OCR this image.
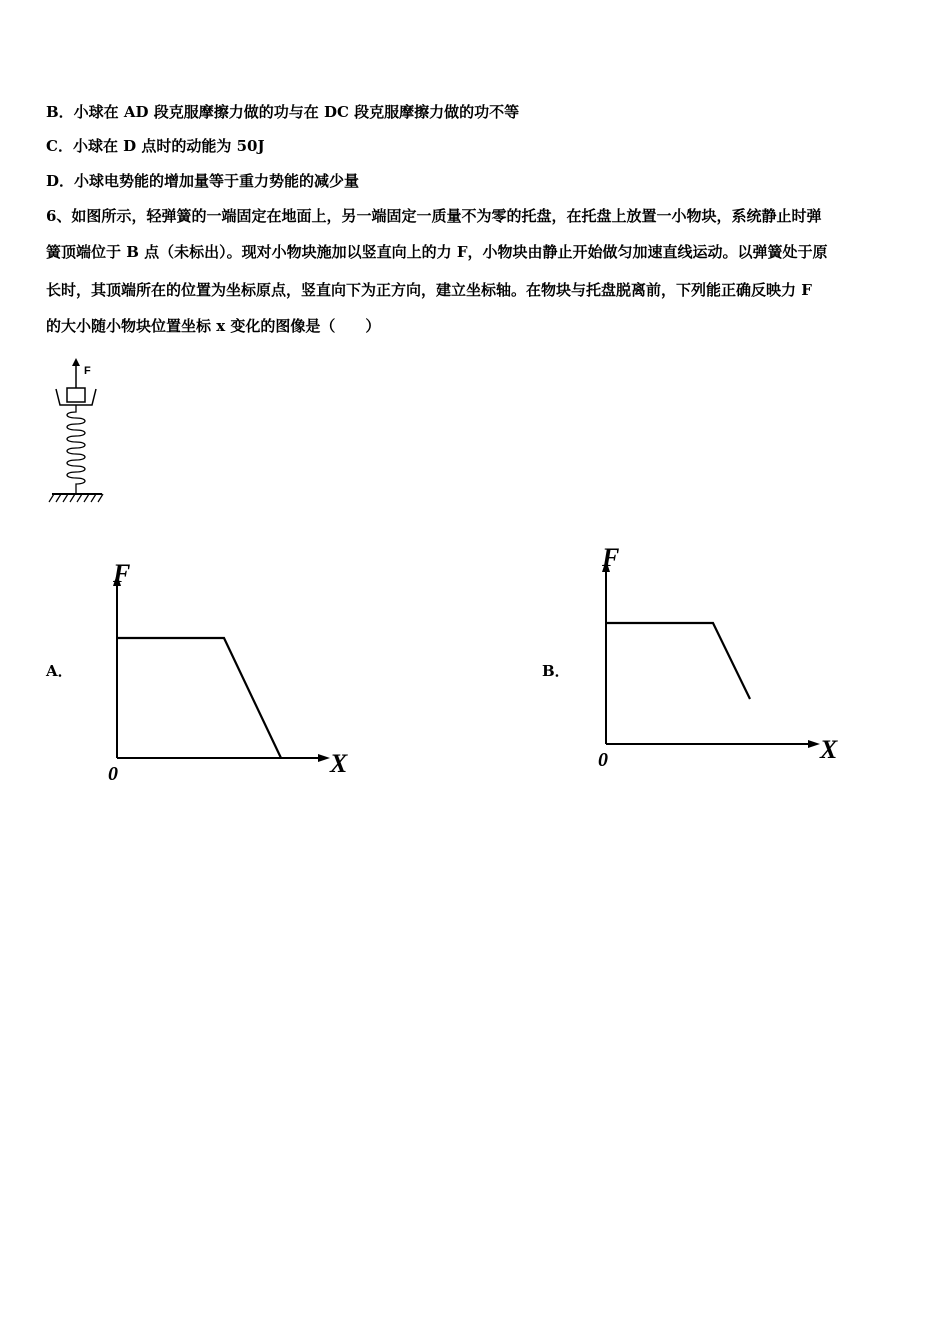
B．小球在 AD 段克服摩擦力做的功与在 DC 段克服摩擦力做的功不等
C．小球在 D 点时的动能为 50J
D．小球电势能的增加量等于重力势能的减少量
6、如图所示，轻弹簧的一端固定在地面上，另一端固定一质量不为零的托盘，在托盘上放置一小物块，系统静止时弹
簧顶端位于 B 点（未标出）。现对小物块施加以竖直向上的力 F，小物块由静止开始做匀加速直线运动。以弹簧处于原
长时，其顶端所在的位置为坐标原点，竖直向下为正方向，建立坐标轴。在物块与托盘脱离前，下列能正确反映力 F
的大小随小物块位置坐标 x 变化的图像是（　　）
F
A．
F
X
0
B．
F
X
0
